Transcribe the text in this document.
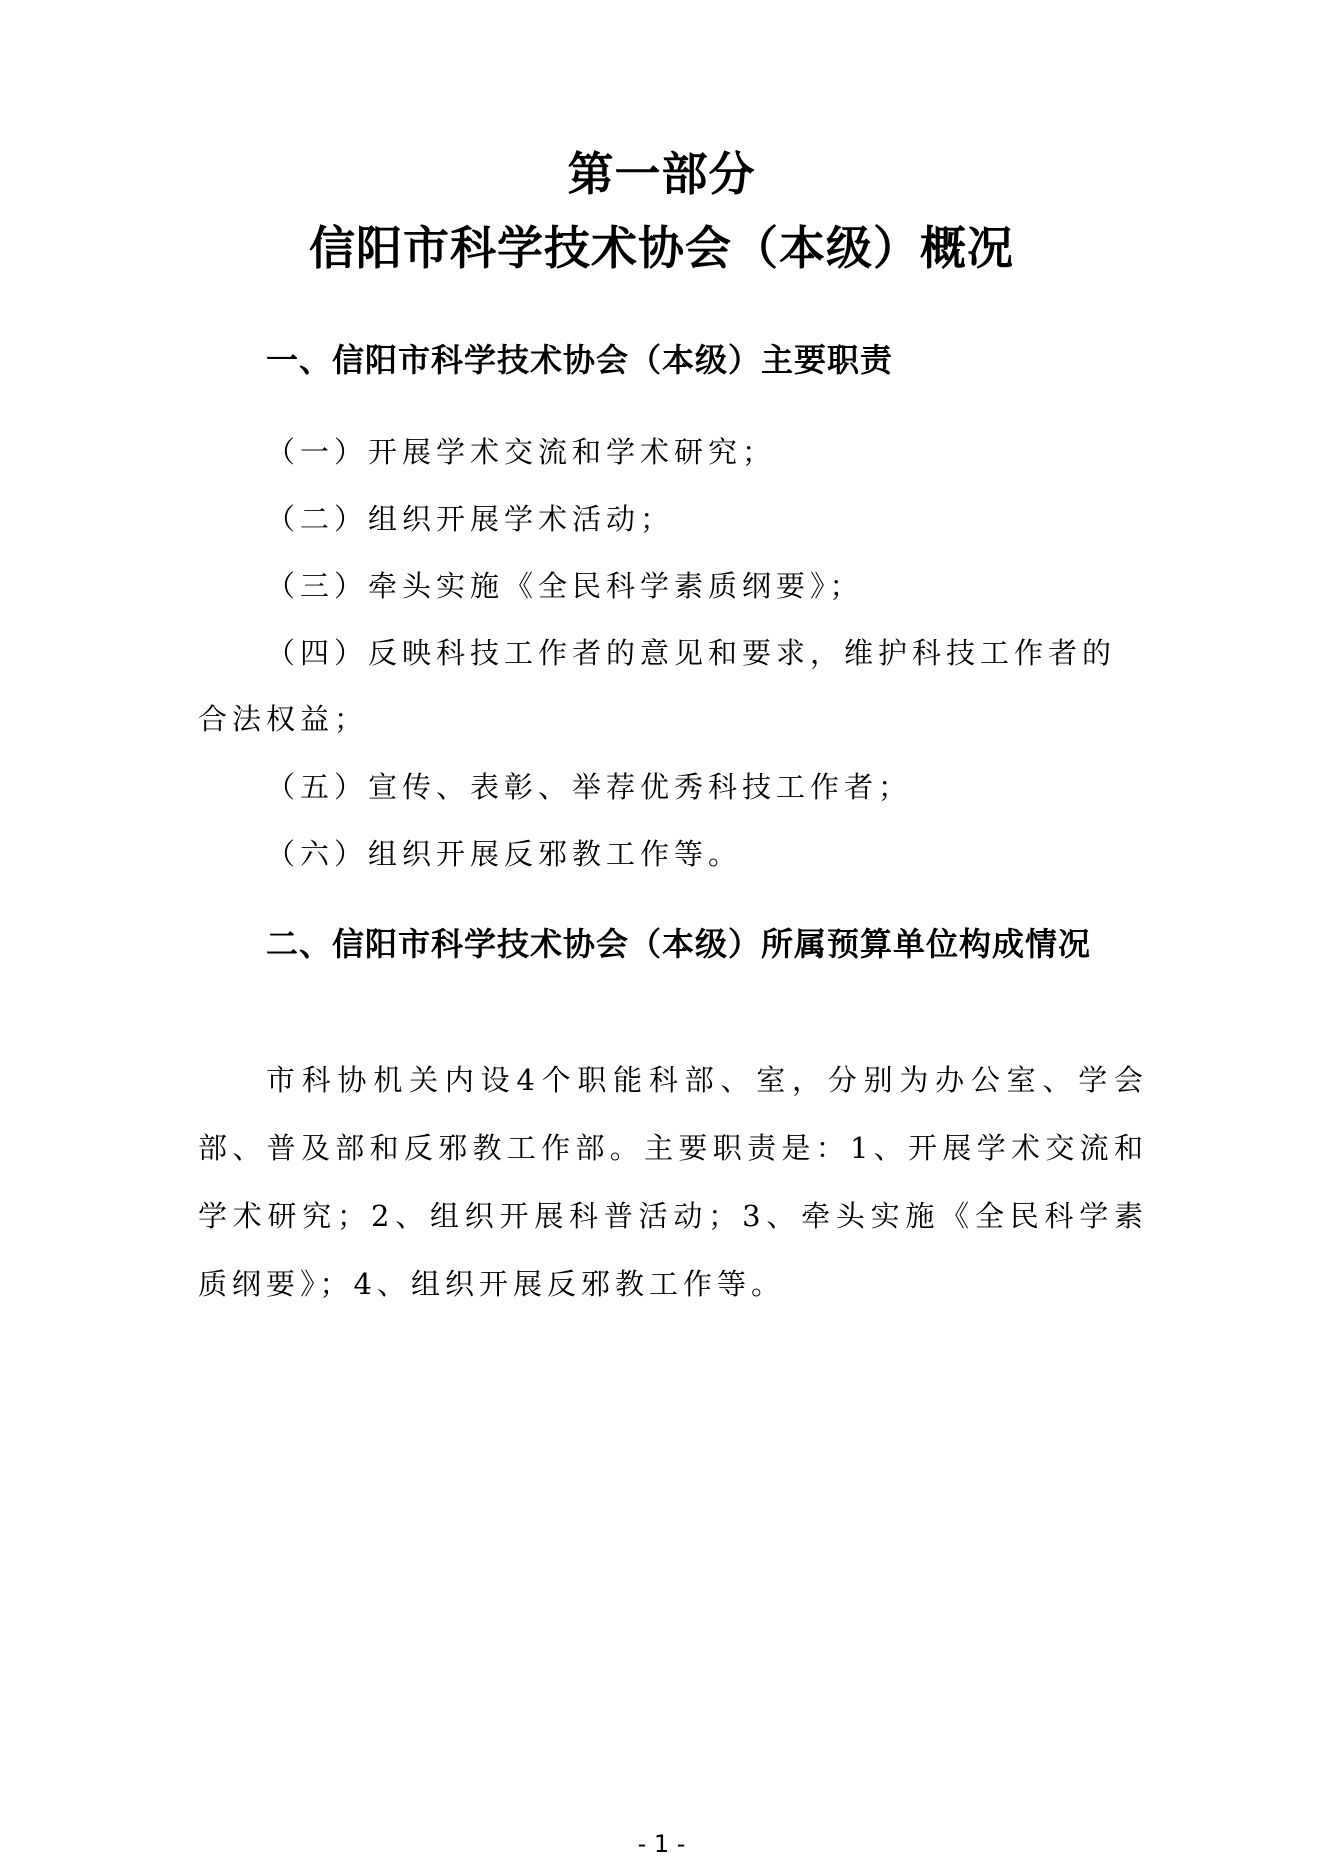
第一部分
信阳市科学技术协会（本级）概况
一、信阳市科学技术协会（本级）主要职责
（一）开展学术交流和学术研究；
（二）组织开展学术活动；
（三）牵头实施《全民科学素质纲要》；
（四）反映科技工作者的意见和要求，维护科技工作者的合法权益；
（五）宣传、表彰、举荐优秀科技工作者；
（六）组织开展反邪教工作等。
二、信阳市科学技术协会（本级）所属预算单位构成情况
市科协机关内设4个职能科部、室，分别为办公室、学会部、普及部和反邪教工作部。主要职责是：1、开展学术交流和学术研究；2、组织开展科普活动；3、牵头实施《全民科学素质纲要》；4、组织开展反邪教工作等。
- 1 -
